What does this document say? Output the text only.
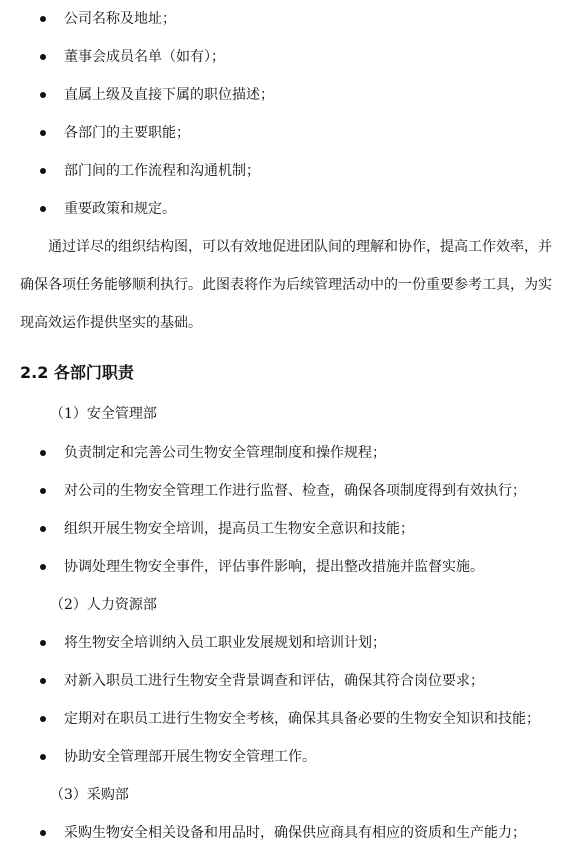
公司名称及地址；
董事会成员名单（如有）；
直属上级及直接下属的职位描述；
各部门的主要职能；
部门间的工作流程和沟通机制；
重要政策和规定。
通过详尽的组织结构图，可以有效地促进团队间的理解和协作，提高工作效率，并
确保各项任务能够顺利执行。此图表将作为后续管理活动中的一份重要参考工具，为实
现高效运作提供坚实的基础。
2.2 各部门职责
（1）安全管理部
负责制定和完善公司生物安全管理制度和操作规程；
对公司的生物安全管理工作进行监督、检查，确保各项制度得到有效执行；
组织开展生物安全培训，提高员工生物安全意识和技能；
协调处理生物安全事件，评估事件影响，提出整改措施并监督实施。
（2）人力资源部
将生物安全培训纳入员工职业发展规划和培训计划；
对新入职员工进行生物安全背景调查和评估，确保其符合岗位要求；
定期对在职员工进行生物安全考核，确保其具备必要的生物安全知识和技能；
协助安全管理部开展生物安全管理工作。
（3）采购部
采购生物安全相关设备和用品时，确保供应商具有相应的资质和生产能力；
